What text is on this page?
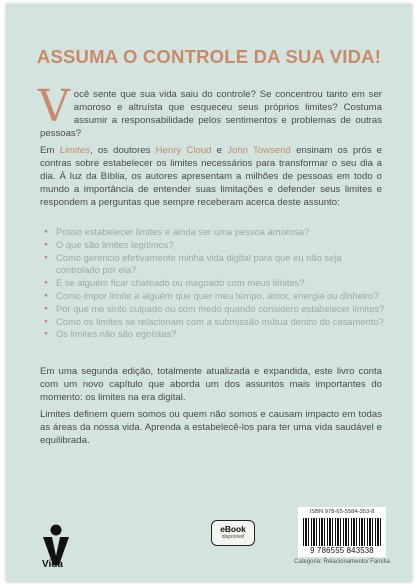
ASSUMA O CONTROLE DA SUA VIDA!
Você sente que sua vida saiu do controle? Se concentrou tanto em ser amoroso e altruísta que esqueceu seus próprios limites? Costuma assumir a responsabilidade pelos sentimentos e problemas de outras pessoas?
Em Limites, os doutores Henry Cloud e John Towsend ensinam os prós e contras sobre estabelecer os limites necessários para transformar o seu dia a dia. À luz da Bíblia, os autores apresentam a milhões de pessoas em todo o mundo a importância de entender suas limitações e defender seus limites e respondem a perguntas que sempre receberam acerca deste assunto:
● Posso estabelecer limites e ainda ser uma pessoa amorosa?
● O que são limites legítimos?
● Como gerencio efetivamente minha vida digital para que eu não seja controlado por ela?
● E se alguém ficar chateado ou magoado com meus limites?
● Como impor limite a alguém que quer meu tempo, amor, energia ou dinheiro?
● Por que me sinto culpado ou com medo quando considero estabelecer limites?
● Como os limites se relacionam com a submissão mútua dentro do casamento?
● Os limites não são egoístas?
Em uma segunda edição, totalmente atualizada e expandida, este livro conta com um novo capítulo que aborda um dos assuntos mais importantes do momento: os limites na era digital.
Limites definem quem somos ou quem não somos e causam impacto em todas as áreas da nossa vida. Aprenda a estabelecê-los para ter uma vida saudável e equilibrada.
Vida
eBook
disponível
ISBN 978-65-5584-353-8
9 786555 843538
Categoria: Relacionamento/ Família
